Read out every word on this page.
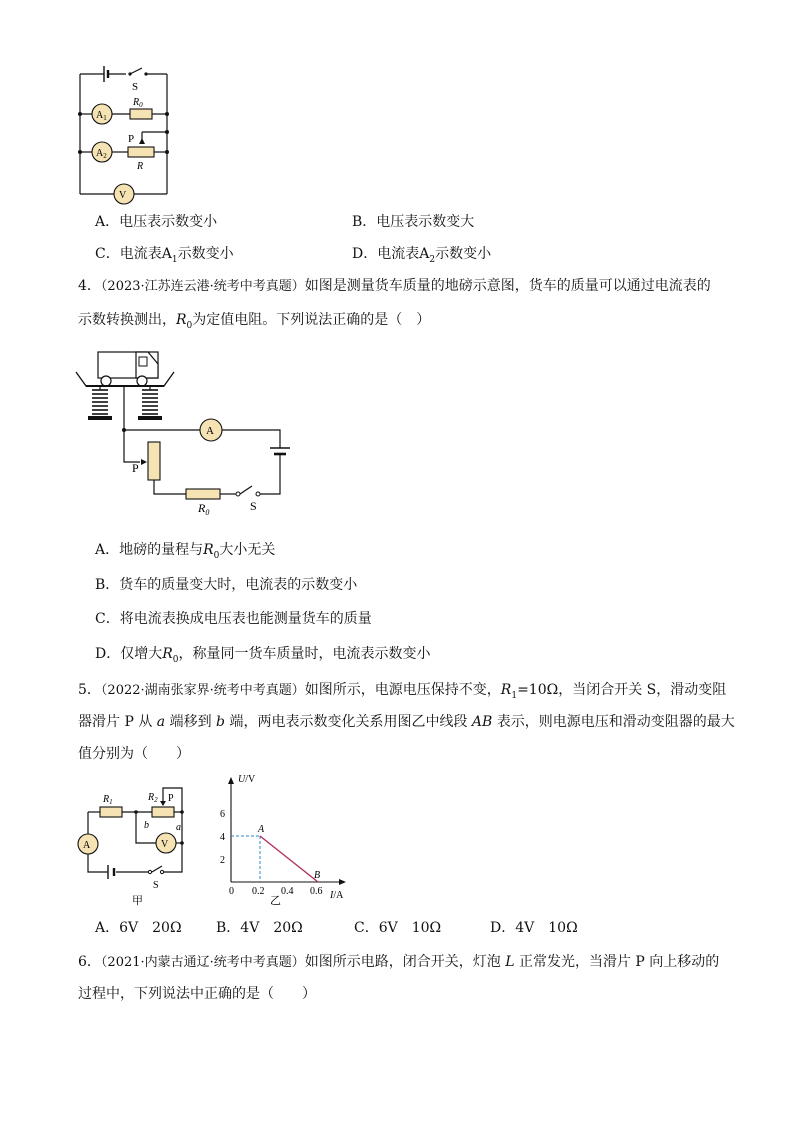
S
$A_1$
$A_2$
V
$R_0$
P
R
A．电压表示数变小	B．电压表示数变大
C．电流表$A_1$示数变小	D．电流表$A_2$示数变小
4．（2023·江苏连云港·统考中考真题）如图是测量货车质量的地磅示意图，货车的质量可以通过电流表的
示数转换测出，$R_0$为定值电阻。下列说法正确的是（　）
A
P
$R_0$	S
A．地磅的量程与$R_0$大小无关
B．货车的质量变大时，电流表的示数变小
C．将电流表换成电压表也能测量货车的质量
D．仅增大$R_0$，称量同一货车质量时，电流表示数变小
5．（2022·湖南张家界·统考中考真题）如图所示，电源电压保持不变，$R_1=10\Omega$，当闭合开关 S，滑动变阻
器滑片 P 从 a 端移到 b 端，两电表示数变化关系用图乙中线段 AB 表示，则电源电压和滑动变阻器的最大
值分别为（　　）
$R_1$	$R_2$ P
a
b
A	V
S
甲
U/V
I/A
0 0.2 0.4 0.6
2
4
6
A
B
乙
A．6V　20Ω B．4V　20Ω	C．6V　10Ω	D．4V　10Ω
6．（2021·内蒙古通辽·统考中考真题）如图所示电路，闭合开关，灯泡 L 正常发光，当滑片 P 向上移动的
过程中，下列说法中正确的是（　　）
